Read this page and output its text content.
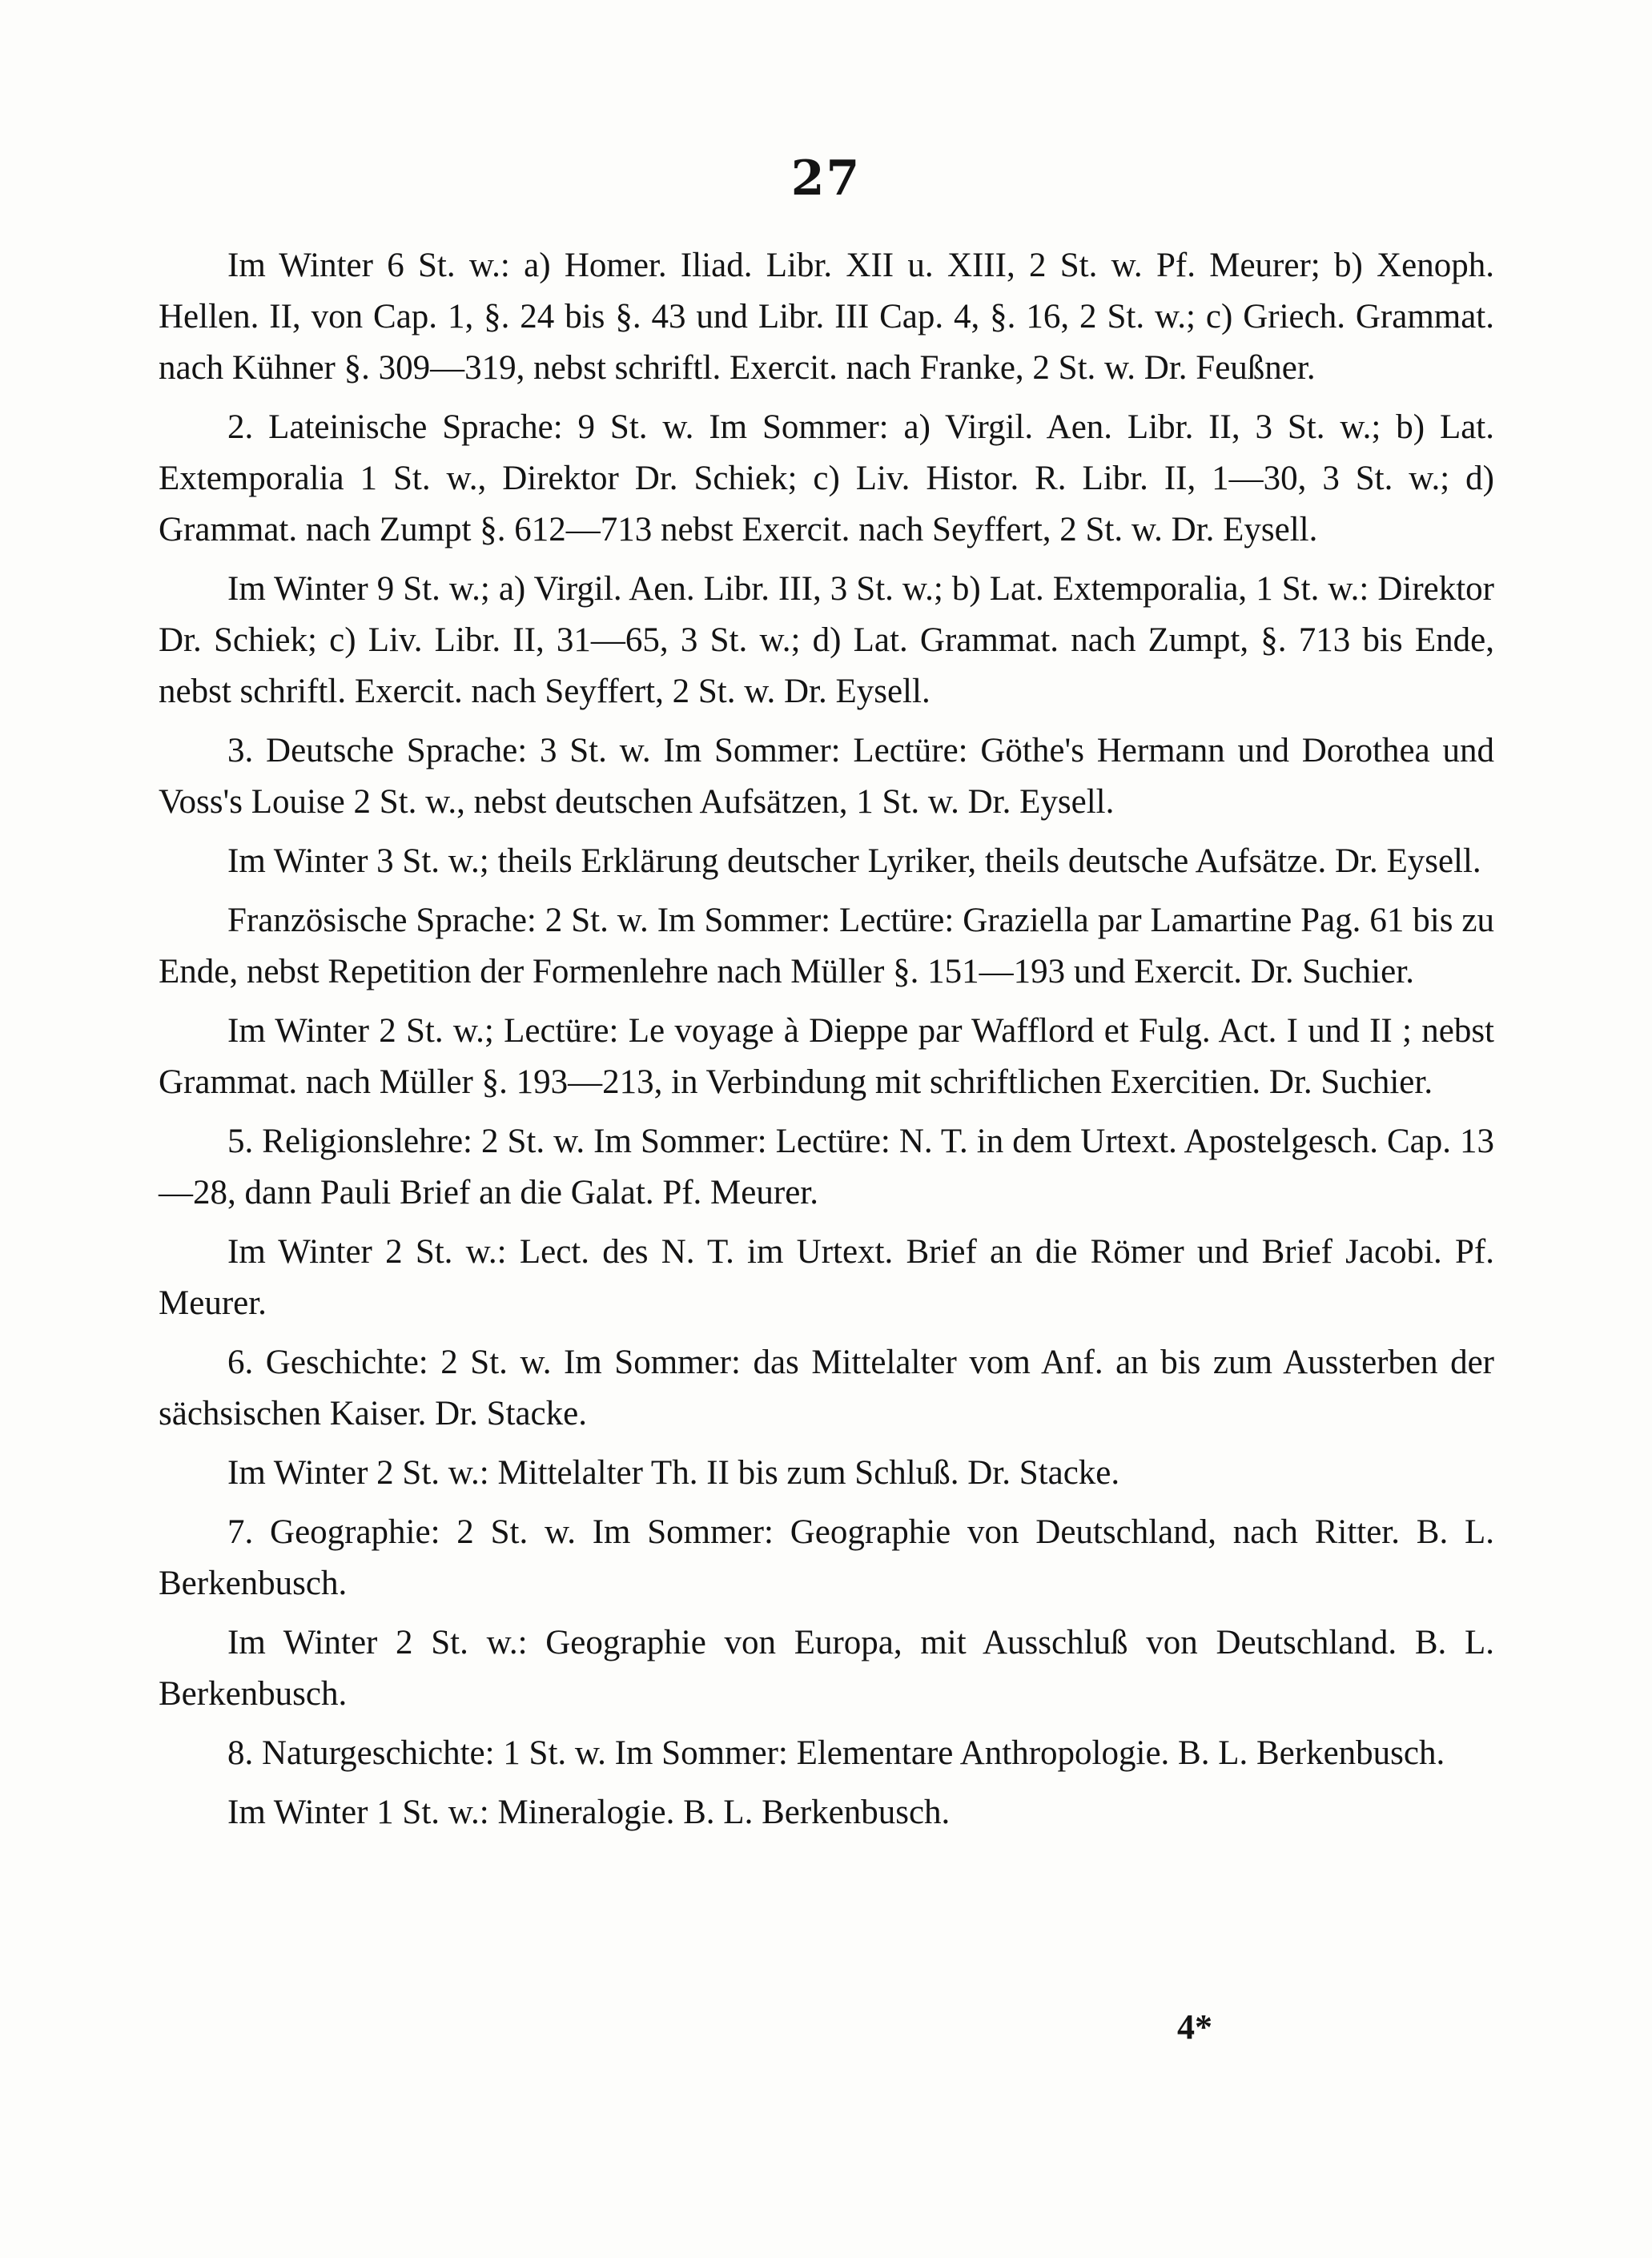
27

Im Winter 6 St. w.: a) Homer. Iliad. Libr. XII u. XIII, 2 St. w. Pf. Meurer; b) Xenoph. Hellen. II, von Cap. 1, §. 24 bis §. 43 und Libr. III Cap. 4, §. 16, 2 St. w.; c) Griech. Grammat. nach Kühner §. 309—319, nebst schriftl. Exercit. nach Franke, 2 St. w. Dr. Feußner.

2. Lateinische Sprache: 9 St. w. Im Sommer: a) Virgil. Aen. Libr. II, 3 St. w.; b) Lat. Extemporalia 1 St. w., Direktor Dr. Schiek; c) Liv. Histor. R. Libr. II, 1—30, 3 St. w.; d) Grammat. nach Zumpt §. 612—713 nebst Exercit. nach Seyffert, 2 St. w. Dr. Eysell.

Im Winter 9 St. w.; a) Virgil. Aen. Libr. III, 3 St. w.; b) Lat. Extemporalia, 1 St. w.: Direktor Dr. Schiek; c) Liv. Libr. II, 31—65, 3 St. w.; d) Lat. Grammat. nach Zumpt, §. 713 bis Ende, nebst schriftl. Exercit. nach Seyffert, 2 St. w. Dr. Eysell.

3. Deutsche Sprache: 3 St. w. Im Sommer: Lectüre: Göthe's Hermann und Dorothea und Voss's Louise 2 St. w., nebst deutschen Aufsätzen, 1 St. w. Dr. Eysell.

Im Winter 3 St. w.; theils Erklärung deutscher Lyriker, theils deutsche Aufsätze. Dr. Eysell.

Französische Sprache: 2 St. w. Im Sommer: Lectüre: Graziella par Lamartine Pag. 61 bis zu Ende, nebst Repetition der Formenlehre nach Müller §. 151—193 und Exercit. Dr. Suchier.

Im Winter 2 St. w.; Lectüre: Le voyage à Dieppe par Wafflord et Fulg. Act. I und II ; nebst Grammat. nach Müller §. 193—213, in Verbindung mit schriftlichen Exercitien. Dr. Suchier.

5. Religionslehre: 2 St. w. Im Sommer: Lectüre: N. T. in dem Urtext. Apostelgesch. Cap. 13—28, dann Pauli Brief an die Galat. Pf. Meurer.

Im Winter 2 St. w.: Lect. des N. T. im Urtext. Brief an die Römer und Brief Jacobi. Pf. Meurer.

6. Geschichte: 2 St. w. Im Sommer: das Mittelalter vom Anf. an bis zum Aussterben der sächsischen Kaiser. Dr. Stacke.

Im Winter 2 St. w.: Mittelalter Th. II bis zum Schluß. Dr. Stacke.

7. Geographie: 2 St. w. Im Sommer: Geographie von Deutschland, nach Ritter. B. L. Berkenbusch.

Im Winter 2 St. w.: Geographie von Europa, mit Ausschluß von Deutschland. B. L. Berkenbusch.

8. Naturgeschichte: 1 St. w. Im Sommer: Elementare Anthropologie. B. L. Berkenbusch.

Im Winter 1 St. w.: Mineralogie. B. L. Berkenbusch.

4*
